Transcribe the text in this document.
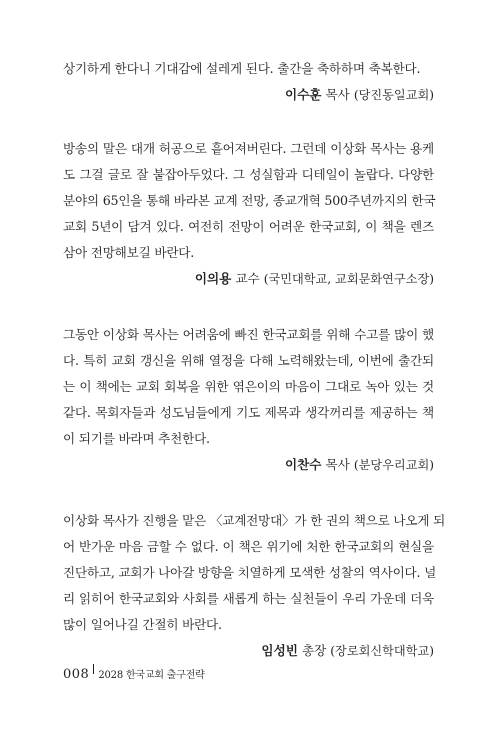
상기하게 한다니 기대감에 설레게 된다. 출간을 축하하며 축복한다.
이수훈 목사 (당진동일교회)
방송의 말은 대개 허공으로 흩어져버린다. 그런데 이상화 목사는 용케
도 그걸 글로 잘 붙잡아두었다. 그 성실함과 디테일이 놀랍다. 다양한
분야의 65인을 통해 바라본 교계 전망, 종교개혁 500주년까지의 한국
교회 5년이 담겨 있다. 여전히 전망이 어려운 한국교회, 이 책을 렌즈
삼아 전망해보길 바란다.
이의용 교수 (국민대학교, 교회문화연구소장)
그동안 이상화 목사는 어려움에 빠진 한국교회를 위해 수고를 많이 했
다. 특히 교회 갱신을 위해 열정을 다해 노력해왔는데, 이번에 출간되
는 이 책에는 교회 회복을 위한 엮은이의 마음이 그대로 녹아 있는 것
같다. 목회자들과 성도님들에게 기도 제목과 생각꺼리를 제공하는 책
이 되기를 바라며 추천한다.
이찬수 목사 (분당우리교회)
이상화 목사가 진행을 맡은 〈교계전망대〉가 한 권의 책으로 나오게 되
어 반가운 마음 금할 수 없다. 이 책은 위기에 처한 한국교회의 현실을
진단하고, 교회가 나아갈 방향을 치열하게 모색한 성찰의 역사이다. 널
리 읽히어 한국교회와 사회를 새롭게 하는 실천들이 우리 가운데 더욱
많이 일어나길 간절히 바란다.
임성빈 총장 (장로회신학대학교)
008 2028 한국교회 출구전략
